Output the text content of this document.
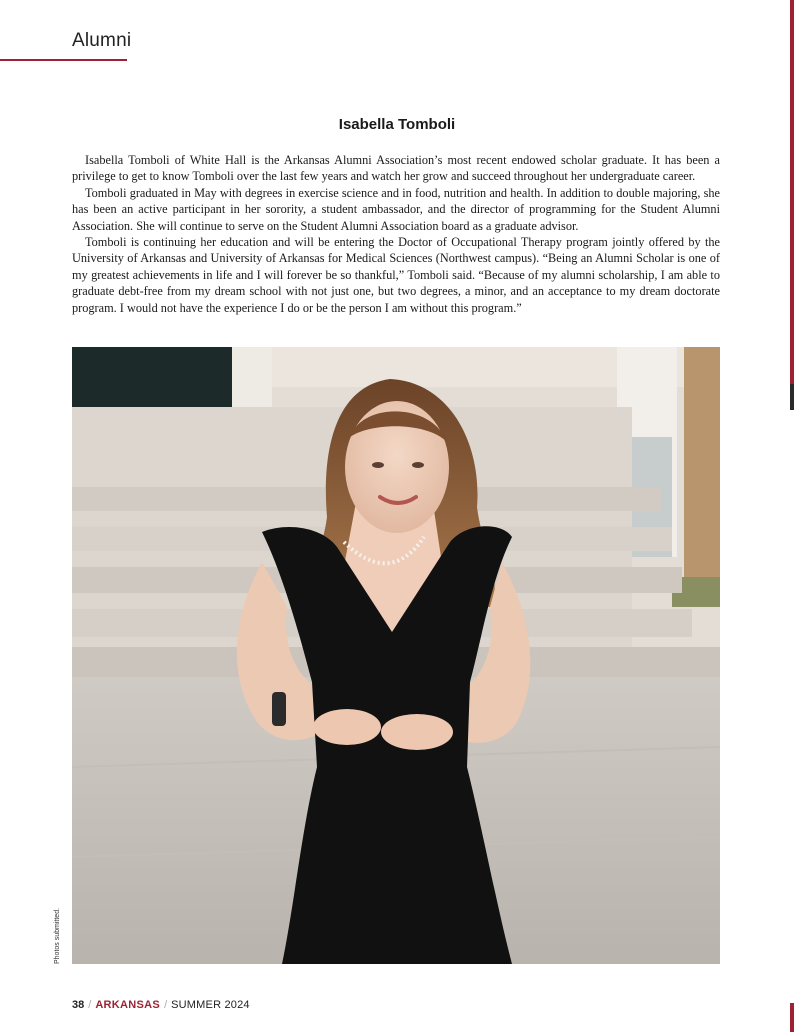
Alumni
Isabella Tomboli

Isabella Tomboli of White Hall is the Arkansas Alumni Association’s most recent endowed scholar graduate. It has been a privilege to get to know Tomboli over the last few years and watch her grow and succeed throughout her undergraduate career.

Tomboli graduated in May with degrees in exercise science and in food, nutrition and health. In addition to double majoring, she has been an active participant in her sorority, a student ambassador, and the director of programming for the Student Alumni Association. She will continue to serve on the Student Alumni Association board as a graduate advisor.

Tomboli is continuing her education and will be entering the Doctor of Occupational Therapy program jointly offered by the University of Arkansas and University of Arkansas for Medical Sciences (Northwest campus). “Being an Alumni Scholar is one of my greatest achievements in life and I will forever be so thankful,” Tomboli said. “Because of my alumni scholarship, I am able to graduate debt-free from my dream school with not just one, but two degrees, a minor, and an acceptance to my dream doctorate program. I would not have the experience I do or be the person I am without this program.”

Photos submitted.
38 / ARKANSAS / SUMMER 2024
